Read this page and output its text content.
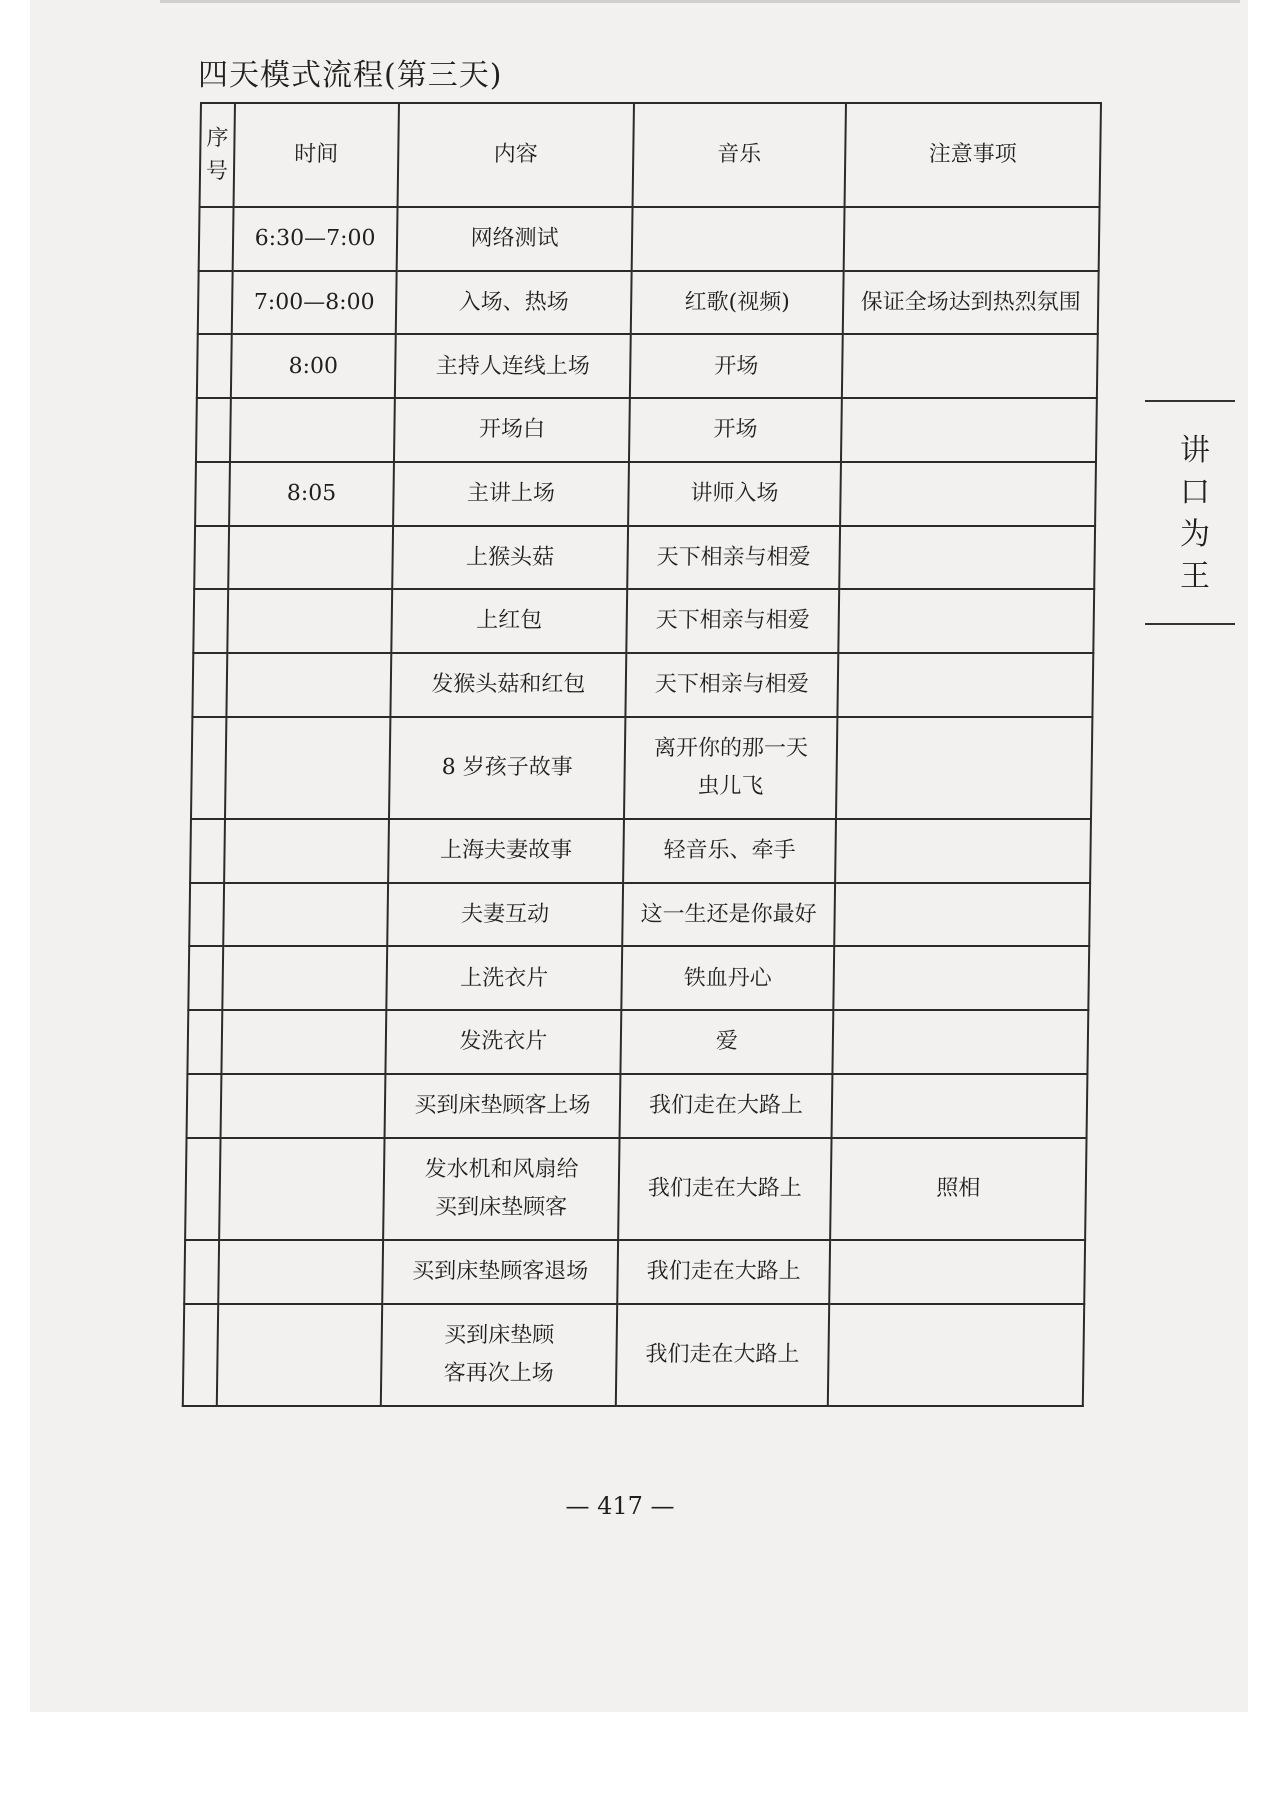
四天模式流程(第三天)
序
号	时间	内容	音乐	注意事项
	6:30—7:00	网络测试		
	7:00—8:00	入场、热场	红歌(视频)	保证全场达到热烈氛围
	8:00	主持人连线上场	开场	
		开场白	开场	
	8:05	主讲上场	讲师入场	
		上猴头菇	天下相亲与相爱	
		上红包	天下相亲与相爱	
		发猴头菇和红包	天下相亲与相爱	
		8 岁孩子故事	离开你的那一天
虫儿飞	
		上海夫妻故事	轻音乐、牵手	
		夫妻互动	这一生还是你最好	
		上洗衣片	铁血丹心	
		发洗衣片	爱	
		买到床垫顾客上场	我们走在大路上	
		发水机和风扇给
买到床垫顾客	我们走在大路上	照相
		买到床垫顾客退场	我们走在大路上	
		买到床垫顾
客再次上场	我们走在大路上	
讲
口
为
王
— 417 —
